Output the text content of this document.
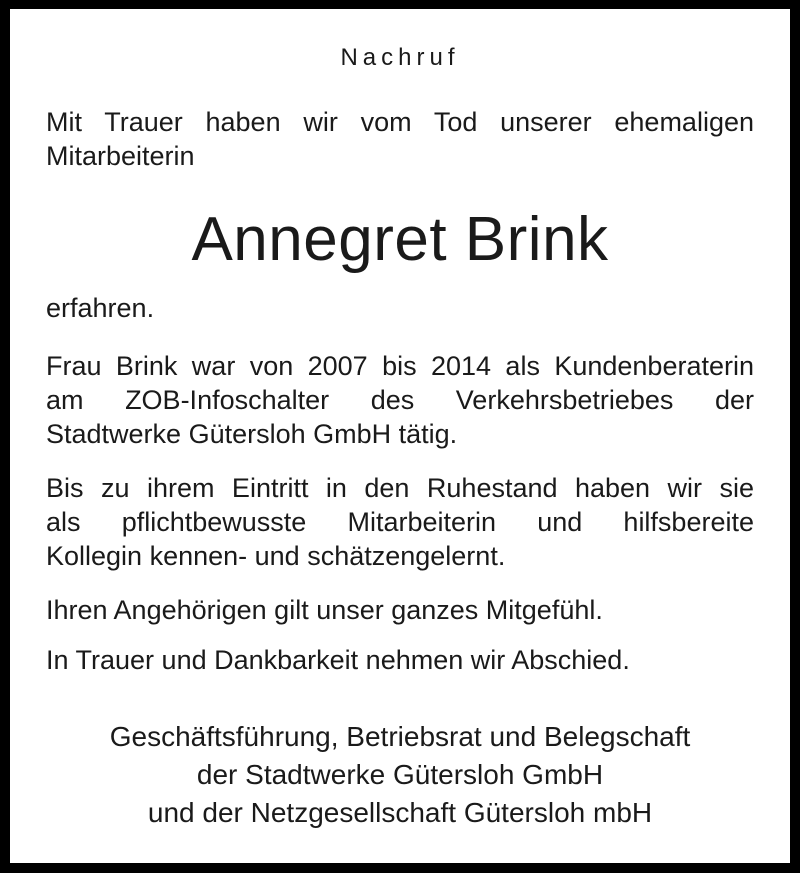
Nachruf
Mit Trauer haben wir vom Tod unserer ehemaligen
Mitarbeiterin
Annegret Brink
erfahren.
Frau Brink war von 2007 bis 2014 als Kundenberaterin
am ZOB-Infoschalter des Verkehrsbetriebes der
Stadtwerke Gütersloh GmbH tätig.
Bis zu ihrem Eintritt in den Ruhestand haben wir sie
als pflichtbewusste Mitarbeiterin und hilfsbereite
Kollegin kennen- und schätzengelernt.
Ihren Angehörigen gilt unser ganzes Mitgefühl.
In Trauer und Dankbarkeit nehmen wir Abschied.
Geschäftsführung, Betriebsrat und Belegschaft
der Stadtwerke Gütersloh GmbH
und der Netzgesellschaft Gütersloh mbH
